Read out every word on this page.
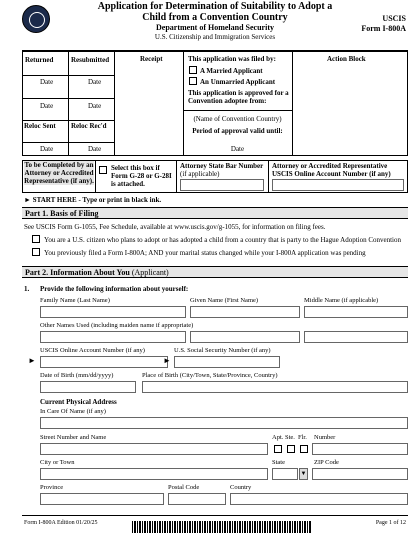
Application for Determination of Suitability to Adopt a Child from a Convention Country
Department of Homeland Security
U.S. Citizenship and Immigration Services
USCIS
Form I-800A
Returned	Resubmitted	Receipt	Action Block
Date	Date
Date	Date
Reloc Sent Reloc Rec'd
Date	Date
This application was filed by:
A Married Applicant
An Unmarried Applicant
This application is approved for a Convention adoptee from:
(Name of Convention Country)
Period of approval valid until:
Date
To be Completed by an Attorney or Accredited Representative (if any).
Select this box if Form G-28 or G-28I is attached.
Attorney State Bar Number
(if applicable)
Attorney or Accredited Representative USCIS Online Account Number (if any)
► START HERE - Type or print in black ink.
Part 1. Basis of Filing
See USCIS Form G-1055, Fee Schedule, available at www.uscis.gov/g-1055, for information on filing fees.
You are a U.S. citizen who plans to adopt or has adopted a child from a country that is party to the Hague Adoption Convention
You previously filed a Form I-800A; AND your marital status changed while your I-800A application was pending
Part 2. Information About You (Applicant)
1. Provide the following information about yourself:
Family Name (Last Name)	Given Name (First Name)	Middle Name (if applicable)
Other Names Used (including maiden name if appropriate)
USCIS Online Account Number (if any)	U.S. Social Security Number (if any)
►	►
Date of Birth (mm/dd/yyyy)	Place of Birth (City/Town, State/Province, Country)
Current Physical Address
In Care Of Name (if any)
Street Number and Name	Apt. Ste. Flr. Number
City or Town	State	ZIP Code
▼
Province	Postal Code	Country
Form I-800A Edition 01/20/25	Page 1 of 12
